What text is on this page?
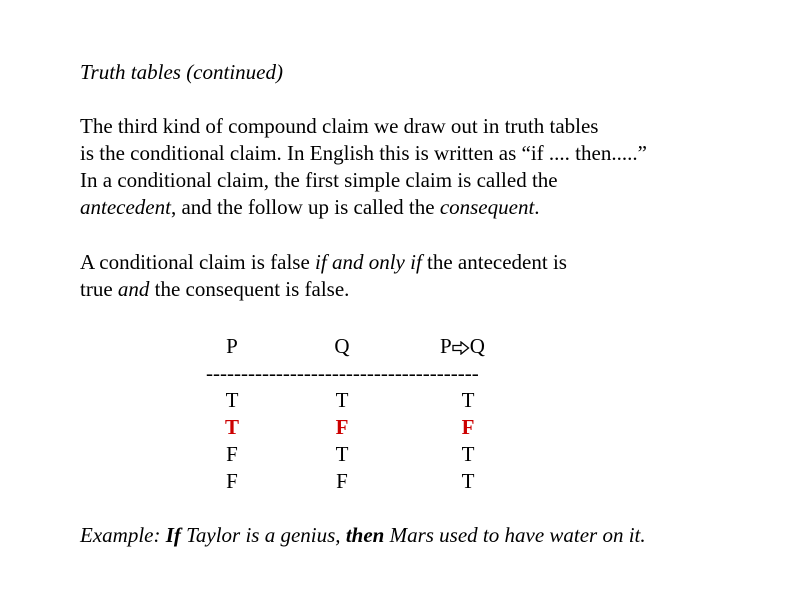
Truth tables (continued)
The third kind of compound claim we draw out in truth tables
is the conditional claim. In English this is written as “if .... then.....”
In a conditional claim, the first simple claim is called the
antecedent, and the follow up is called the consequent.
A conditional claim is false if and only if the antecedent is
true and the consequent is false.
P	Q	P Q
---------------------------------------
T	T	T
T	F	F
F	T	T
F	F	T
Example: If Taylor is a genius, then Mars used to have water on it.
